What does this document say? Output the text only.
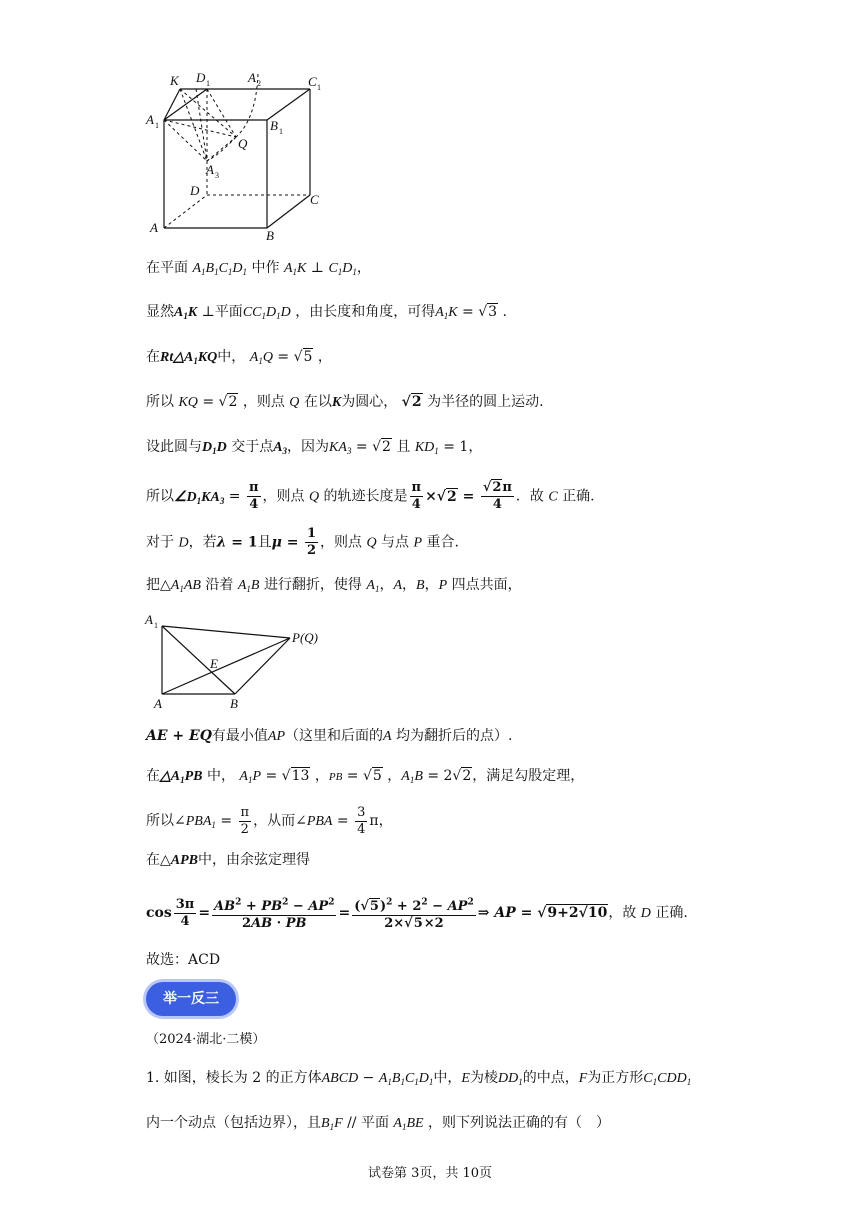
K D 1	A 2	C 1
A 1	B 1
Q
A 3
D
C
A
B
在平面 $A_1B_1C_1D_1$ 中作 $A_1K$ ⊥ $C_1D_1$，
显然$A_1K$ ⊥平面$CC_1D_1D$ ，由长度和角度，可得$A_1K = √3$ .
在$Rt\triangle A_1KQ$中， $A_1Q = √5$ ，
所以 KQ = √2 ，则点 Q 在以K为圆心， √2 为半径的圆上运动.
设此圆与$D_1D$ 交于点$A_3$，因为$KA_3 = √2$ 且 $KD_1 = 1$，
所以$\angle D_1KA_3 = \frac{\pi}{4}$ ，则点 Q 的轨迹长度是 $\frac{\pi}{4} \times√2 = \frac{√2\pi}{4}$ ．故 C 正确.
对于 D，若λ = 1且$\mu = \frac{1}{2}$ ，则点 Q 与点 P 重合.
把$\triangle A_1AB$ 沿着 $A_1B$ 进行翻折，使得 $A_1$，A，B，P 四点共面，
A 1
P(Q)
E
A	B
AE + EQ有最小值AP（这里和后面的A 均为翻折后的点）.
在$\triangle A_1PB$ 中， $A_1P = √13$ ，PB = √5 ，$A_1B = 2√2$，满足勾股定理，
所以$\angle PBA_1 = \frac{\pi}{2}$ ，从而∠PBA = $\frac{3}{4}$ π，
在△APB中，由余弦定理得
$\cos \frac{3\pi}{4} = \frac{AB^2 + PB^2 - AP^2}{2AB \cdot PB} = \frac{(√5)^2 + 2^2 - AP^2}{2\times√5\times 2}$ ⇒ AP = √9+2√10，故 D 正确.
故选：ACD
举一反三
（2024·湖北·二模）
1. 如图，棱长为 2 的正方体ABCD − $A_1B_1C_1D_1$中，E为棱$DD_1$的中点，F为正方形$C_1CDD_1$
内一个动点（包括边界），且$B_1F$ // 平面 $A_1BE$ ，则下列说法正确的有（　）
试卷第 3页，共 10页
